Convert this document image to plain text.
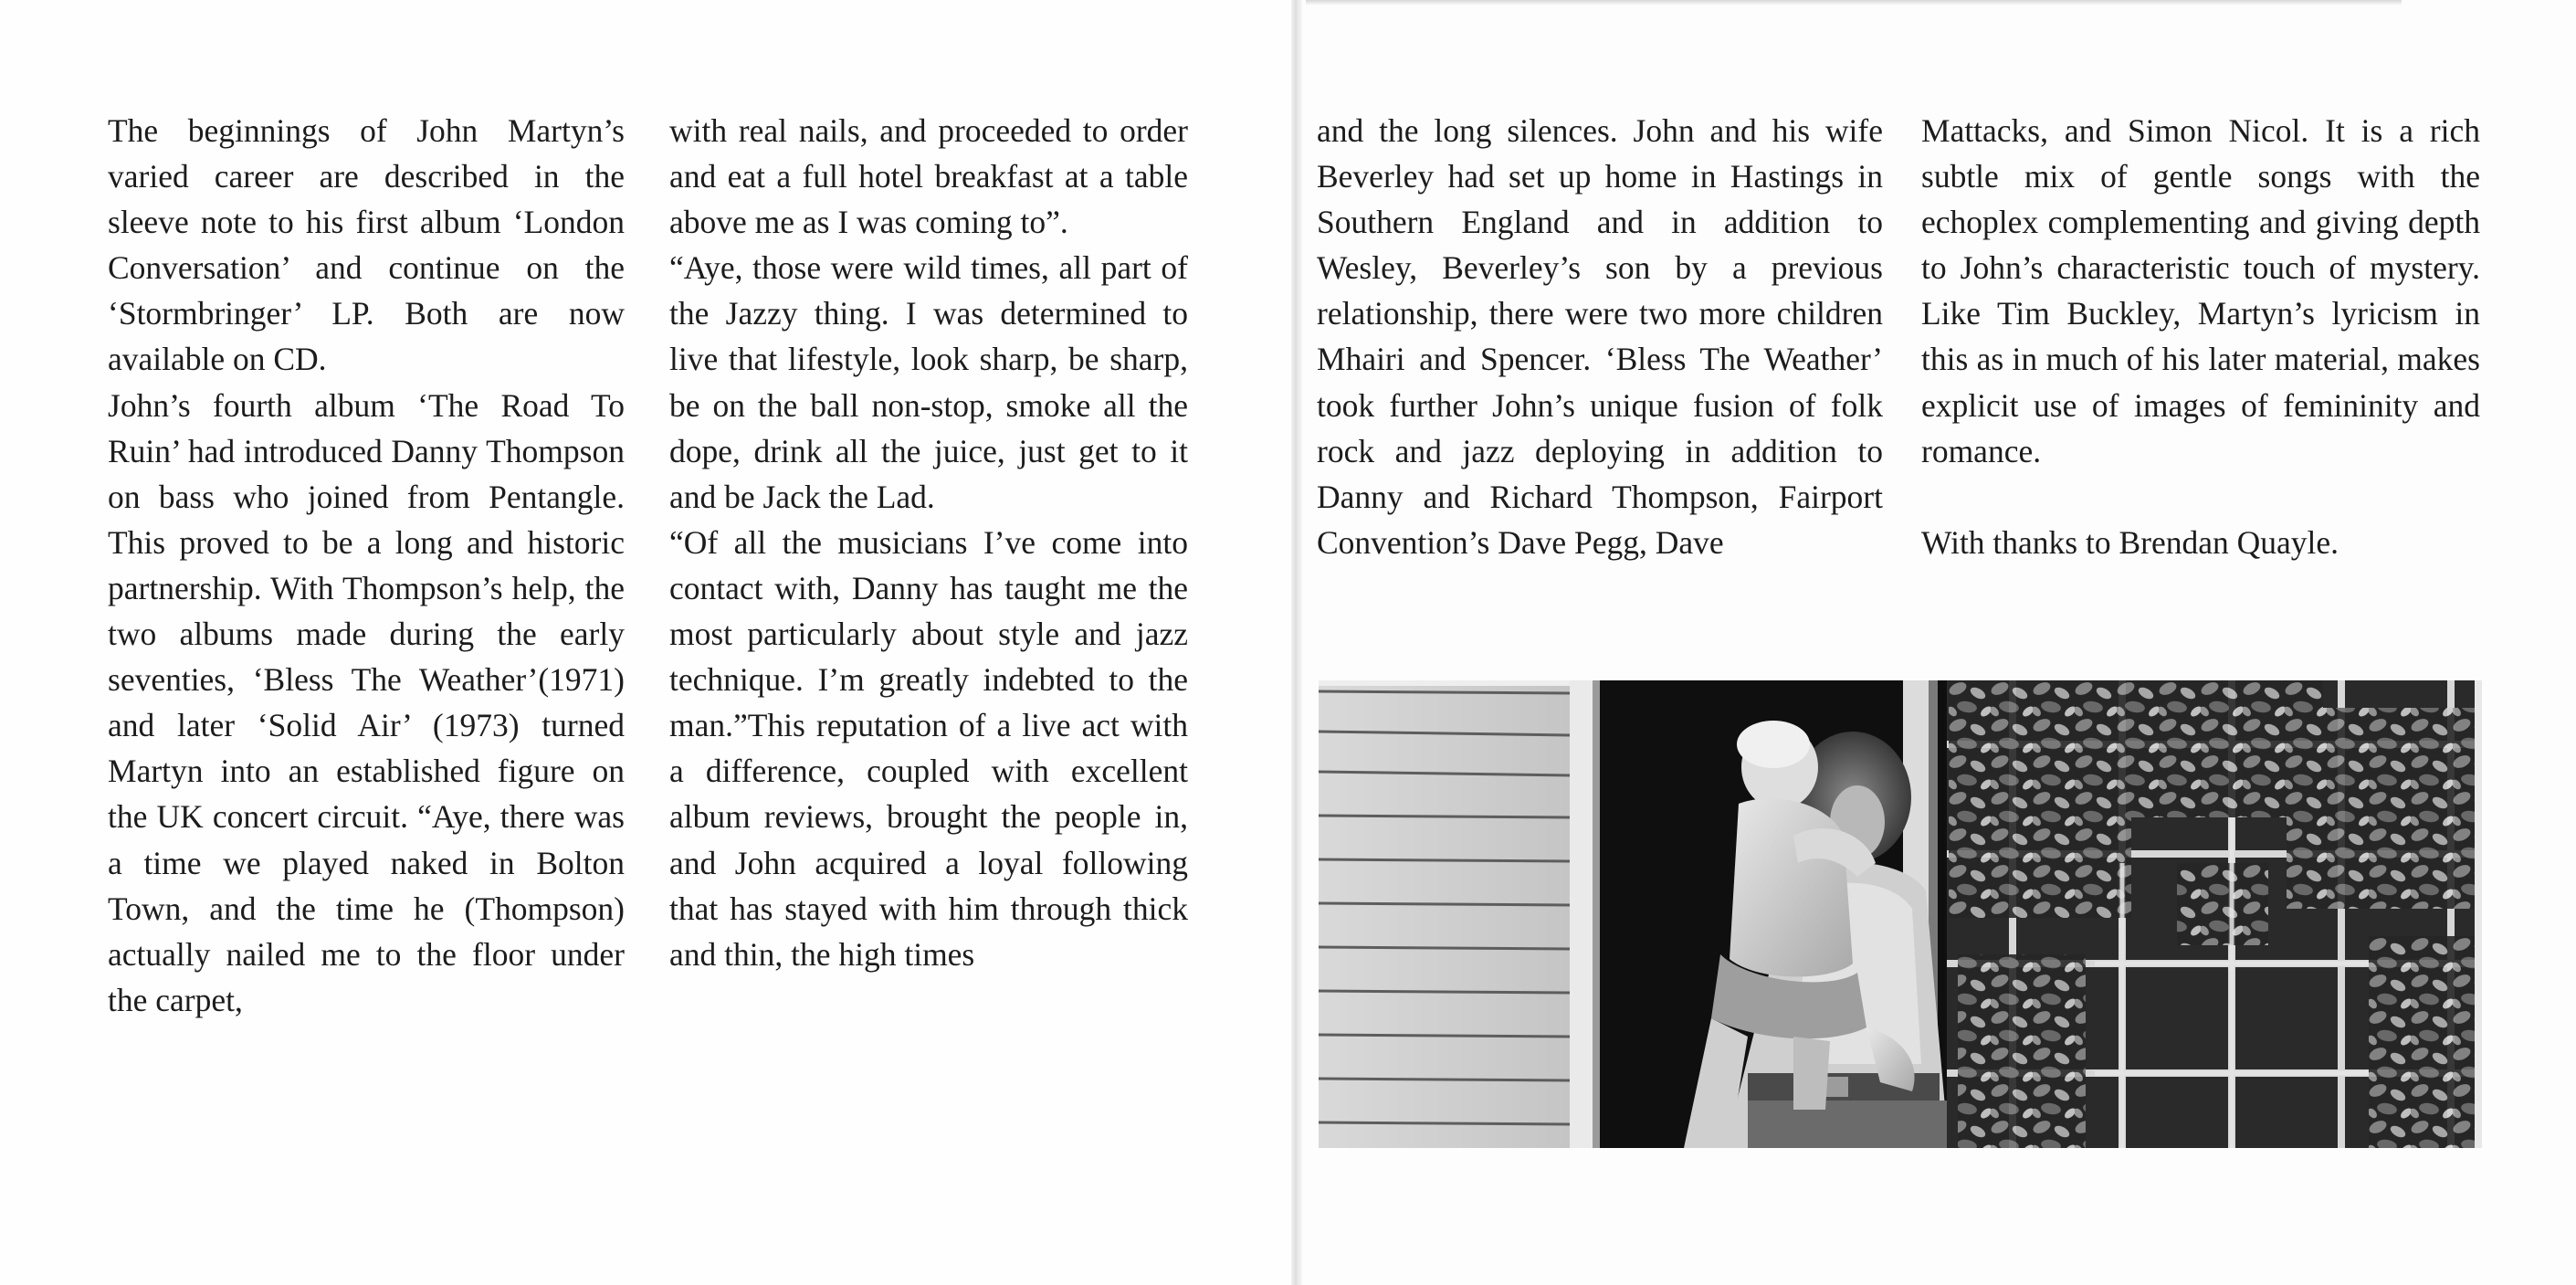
The beginnings of John Martyn’s varied career are described in the sleeve note to his first album ‘London Conversation’ and continue on the ‘Stormbringer’ LP. Both are now available on CD.

John’s fourth album ‘The Road To Ruin’ had introduced Danny Thompson on bass who joined from Pentangle. This proved to be a long and historic partnership. With Thompson’s help, the two albums made during the early seventies, ‘Bless The Weather’(1971) and later ‘Solid Air’ (1973) turned Martyn into an established figure on the UK concert circuit. “Aye, there was a time we played naked in Bolton Town, and the time he (Thompson) actually nailed me to the floor under the carpet,

with real nails, and proceeded to order and eat a full hotel breakfast at a table above me as I was coming to”.

“Aye, those were wild times, all part of the Jazzy thing. I was determined to live that lifestyle, look sharp, be sharp, be on the ball non-stop, smoke all the dope, drink all the juice, just get to it and be Jack the Lad.

“Of all the musicians I’ve come into contact with, Danny has taught me the most particularly about style and jazz technique. I’m greatly indebted to the man.”This reputation of a live act with a difference, coupled with excellent album reviews, brought the people in, and John acquired a loyal following that has stayed with him through thick and thin, the high times

and the long silences. John and his wife Beverley had set up home in Hastings in Southern England and in addition to Wesley, Beverley’s son by a previous relationship, there were two more children Mhairi and Spencer. ‘Bless The Weather’ took further John’s unique fusion of folk rock and jazz deploying in addition to Danny and Richard Thompson, Fairport Convention’s Dave Pegg, Dave

Mattacks, and Simon Nicol. It is a rich subtle mix of gentle songs with the echoplex complementing and giving depth to John’s characteristic touch of mystery. Like Tim Buckley, Martyn’s lyricism in this as in much of his later material, makes explicit use of images of femininity and romance.

With thanks to Brendan Quayle.
